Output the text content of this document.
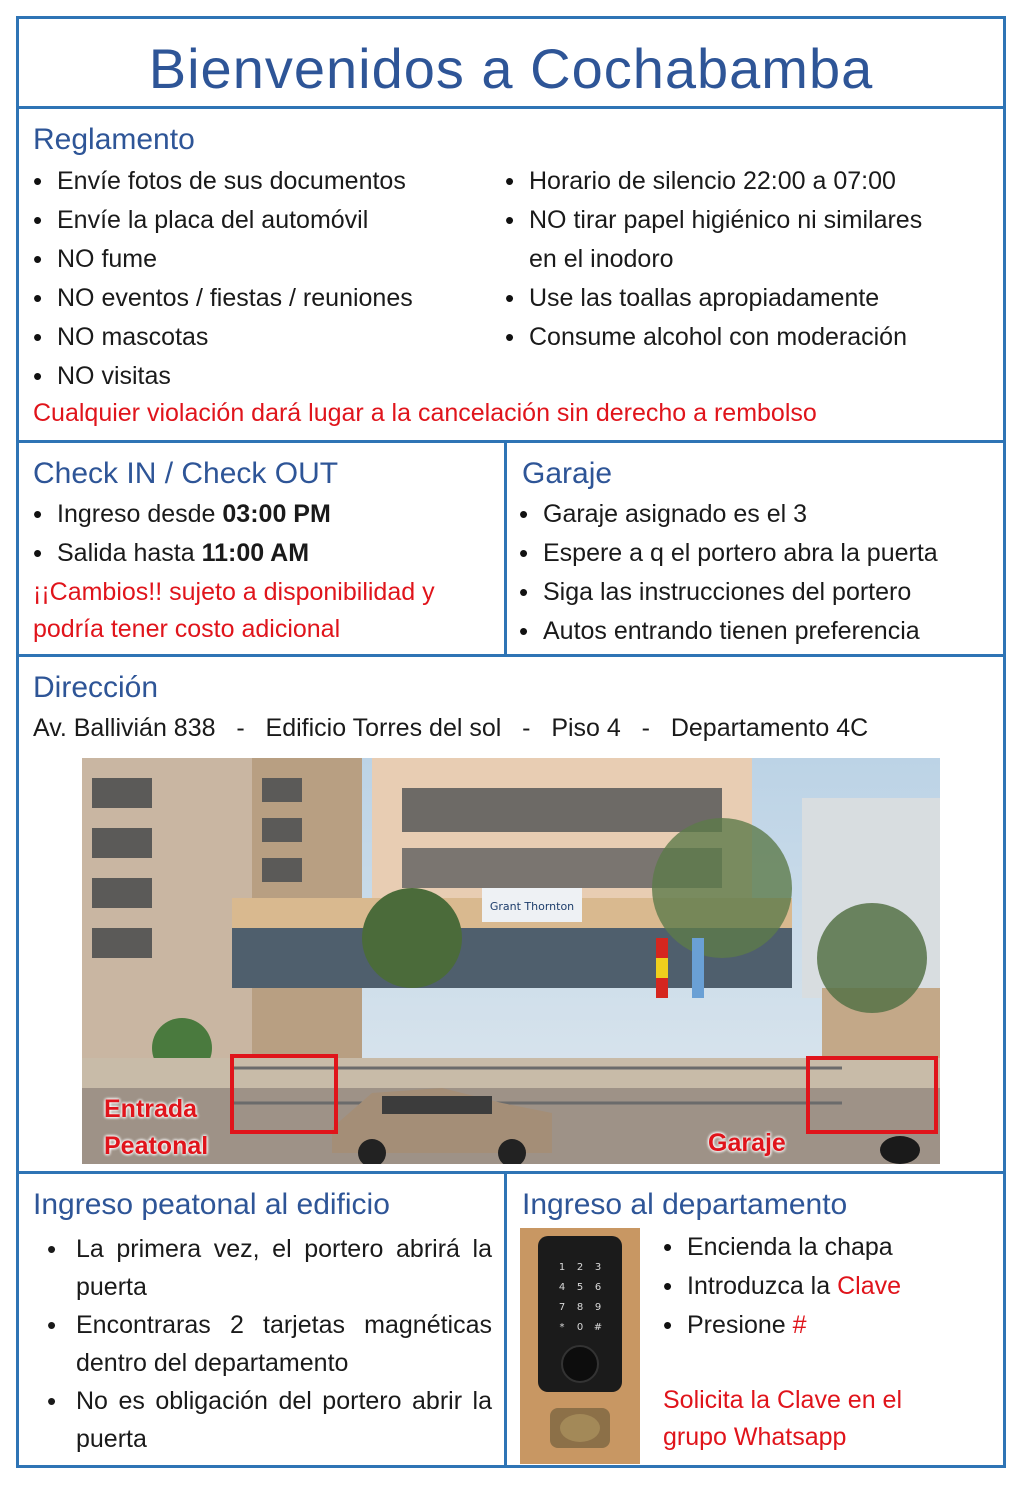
Bienvenidos a Cochabamba
Reglamento
• Envíe fotos de sus documentos
• Envíe la placa del automóvil
• NO fume
• NO eventos / fiestas / reuniones
• NO mascotas
• NO visitas
• Horario de silencio 22:00 a 07:00
• NO tirar papel higiénico ni similares
en el inodoro
• Use las toallas apropiadamente
• Consume alcohol con moderación
Cualquier violación dará lugar a la cancelación sin derecho a rembolso
Check IN / Check OUT
• Ingreso desde 03:00 PM
• Salida hasta 11:00 AM
¡¡Cambios!! sujeto a disponibilidad y
podría tener costo adicional
Garaje
• Garaje asignado es el 3
• Espere a q el portero abra la puerta
• Siga las instrucciones del portero
• Autos entrando tienen preferencia
Dirección
Av. Ballivián 838 - Edificio Torres del sol - Piso 4 - Departamento 4C
Grant Thornton
Entrada
Peatonal	Garaje
Ingreso peatonal al edificio
• La primera vez, el portero abrirá la puerta
• Encontraras 2 tarjetas magnéticas dentro del departamento
• No es obligación del portero abrir la puerta
Ingreso al departamento
1 2 3
4 5 6
7 8 9
* 0 #
• Encienda la chapa
• Introduzca la Clave
• Presione #
Solicita la Clave en el
grupo Whatsapp
